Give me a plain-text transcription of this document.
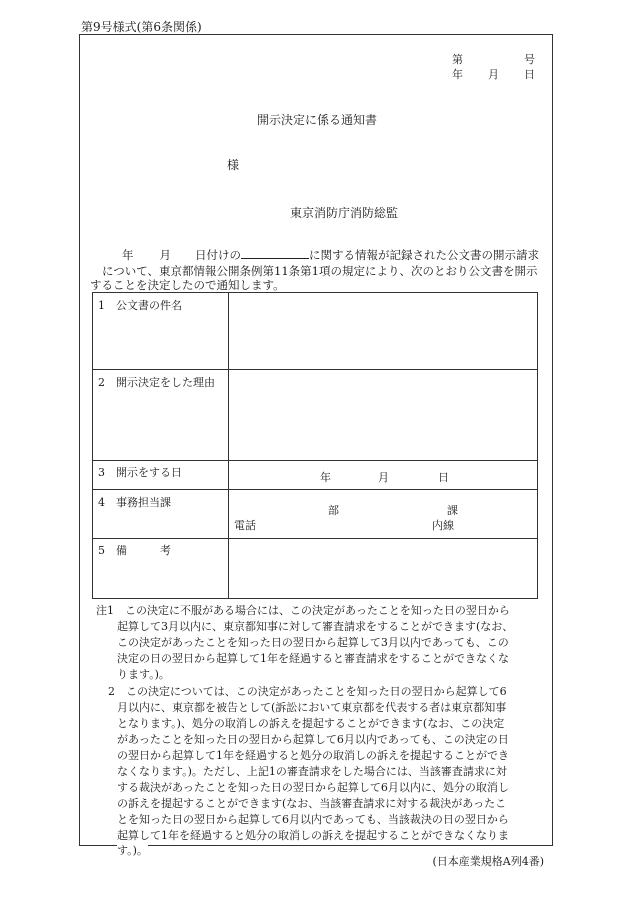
第9号様式(第6条関係)
第	号
年 月 日
開示決定に係る通知書
様
東京消防庁消防総監
年 月 日付けの	に関する情報が記録された公文書の開示請求
について、東京都情報公開条例第11条第1項の規定により、次のとおり公文書を開示
することを決定したので通知します。
1　公文書の件名
2　開示決定をした理由
3　開示をする日	年	月	日
4　事務担当課
部	課
電話	内線
5　備　　　考
注1　この決定に不服がある場合には、この決定があったことを知った日の翌日から
起算して3月以内に、東京都知事に対して審査請求をすることができます(なお、
この決定があったことを知った日の翌日から起算して3月以内であっても、この
決定の日の翌日から起算して1年を経過すると審査請求をすることができなくな
ります。)。
2　この決定については、この決定があったことを知った日の翌日から起算して6
月以内に、東京都を被告として(訴訟において東京都を代表する者は東京都知事
となります。)、処分の取消しの訴えを提起することができます(なお、この決定
があったことを知った日の翌日から起算して6月以内であっても、この決定の日
の翌日から起算して1年を経過すると処分の取消しの訴えを提起することができ
なくなります。)。ただし、上記1の審査請求をした場合には、当該審査請求に対
する裁決があったことを知った日の翌日から起算して6月以内に、処分の取消し
の訴えを提起することができます(なお、当該審査請求に対する裁決があったこ
とを知った日の翌日から起算して6月以内であっても、当該裁決の日の翌日から
起算して1年を経過すると処分の取消しの訴えを提起することができなくなりま
す。)。
(日本産業規格A列4番)
